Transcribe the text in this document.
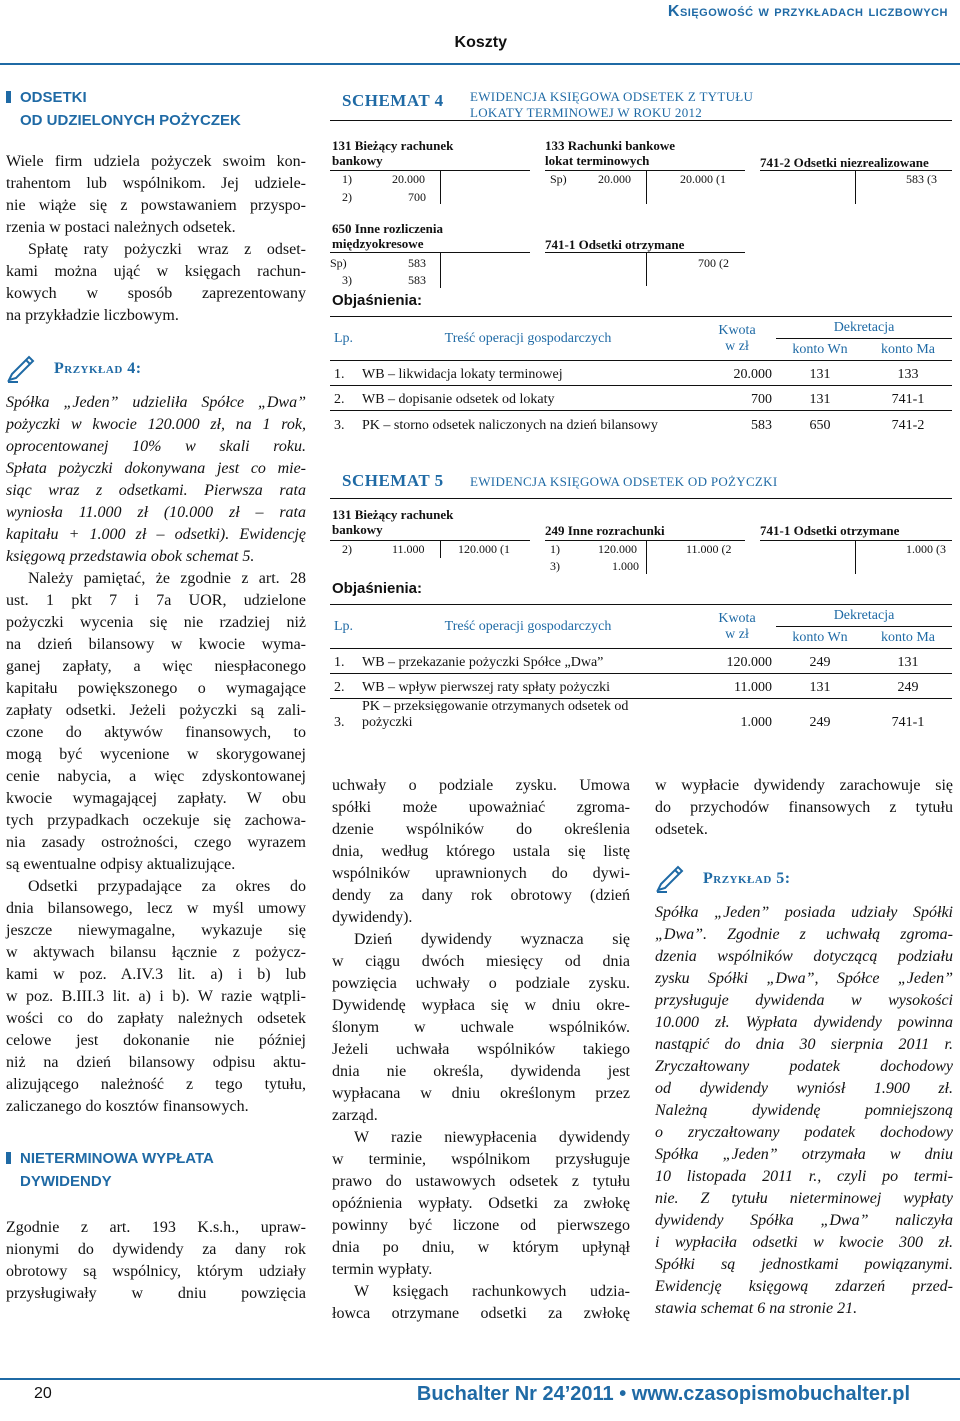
Księgowość w przykładach liczbowych
Koszty
ODSETKI
OD UDZIELONYCH POŻYCZEK
Wiele firm udziela pożyczek swoim kon-
trahentom lub wspólnikom. Jej udziele-
nie wiąże się z powstawaniem przyspo-
rzenia w postaci należnych odsetek.
Spłatę raty pożyczki wraz z odset-
kami można ująć w księgach rachun-
kowych w sposób zaprezentowany
na przykładzie liczbowym.
Przykład 4:
Spółka „Jeden” udzieliła Spółce „Dwa”
pożyczki w kwocie 120.000 zł, na 1 rok,
oprocentowanej 10% w skali roku.
Spłata pożyczki dokonywana jest co mie-
siąc wraz z odsetkami. Pierwsza rata
wyniosła 11.000 zł (10.000 zł – rata
kapitału + 1.000 zł – odsetki). Ewidencję
księgową przedstawia obok schemat 5.
Należy pamiętać, że zgodnie z art. 28
ust. 1 pkt 7 i 7a UOR, udzielone
pożyczki wycenia się nie rzadziej niż
na dzień bilansowy w kwocie wyma-
ganej zapłaty, a więc niespłaconego
kapitału powiększonego o wymagające
zapłaty odsetki. Jeżeli pożyczki są zali-
czone do aktywów finansowych, to
mogą być wycenione w skorygowanej
cenie nabycia, a więc zdyskontowanej
kwocie wymagającej zapłaty. W obu
tych przypadkach oczekuje się zachowa-
nia zasady ostrożności, czego wyrazem
są ewentualne odpisy aktualizujące.
Odsetki przypadające za okres do
dnia bilansowego, lecz w myśl umowy
jeszcze niewymagalne, wykazuje się
w aktywach bilansu łącznie z pożycz-
kami w poz. A.IV.3 lit. a) i b) lub
w poz. B.III.3 lit. a) i b). W razie wątpli-
wości co do zapłaty należnych odsetek
celowe jest dokonanie nie później
niż na dzień bilansowy odpisu aktu-
alizującego należność z tego tytułu,
zaliczanego do kosztów finansowych.
NIETERMINOWA WYPŁATA
DYWIDENDY
Zgodnie z art. 193 K.s.h., upraw-
nionymi do dywidendy za dany rok
obrotowy są wspólnicy, którym udziały
przysługiwały w dniu powzięcia
SCHEMAT 4 EWIDENCJA KSIĘGOWA ODSETEK Z TYTUŁU
LOKATY TERMINOWEJ W ROKU 2012
131 Bieżący rachunek
bankowy
1)	20.000
2)	700
133 Rachunki bankowe
lokat terminowych
Sp)	20.000	20.000 (1
741-2 Odsetki niezrealizowane
583 (3
650 Inne rozliczenia
międzyokresowe
Sp)	583
3)	583
741-1 Odsetki otrzymane
700 (2
Objaśnienia:
Lp.	Treść operacji gospodarczych	Kwota
w zł	Dekretacja	
			konto Wn	konto Ma
1.	WB – likwidacja lokaty terminowej	20.000	131	133
2.	WB – dopisanie odsetek od lokaty	700	131	741-1
3.	PK – storno odsetek naliczonych na dzień bilansowy	583	650	741-2
SCHEMAT 5 EWIDENCJA KSIĘGOWA ODSETEK OD POŻYCZKI
131 Bieżący rachunek
bankowy
2)	11.000	120.000 (1
249 Inne rozrachunki
1)	120.000
3)	1.000
11.000 (2
741-1 Odsetki otrzymane
1.000 (3
Objaśnienia:
Lp.	Treść operacji gospodarczych	Kwota
w zł	Dekretacja	
			konto Wn	konto Ma
1.	WB – przekazanie pożyczki Spółce „Dwa”	120.000	249	131
2.	WB – wpływ pierwszej raty spłaty pożyczki	11.000	131	249
3.	PK – przeksięgowanie otrzymanych odsetek od
pożyczki	1.000	249	741-1
uchwały o podziale zysku. Umowa
spółki może upoważniać zgroma-
dzenie wspólników do określenia
dnia, według którego ustala się listę
wspólników uprawnionych do dywi-
dendy za dany rok obrotowy (dzień
dywidendy).
Dzień dywidendy wyznacza się
w ciągu dwóch miesięcy od dnia
powzięcia uchwały o podziale zysku.
Dywidendę wypłaca się w dniu okre-
ślonym w uchwale wspólników.
Jeżeli uchwała wspólników takiego
dnia nie określa, dywidenda jest
wypłacana w dniu określonym przez
zarząd.
W razie niewypłacenia dywidendy
w terminie, wspólnikom przysługuje
prawo do ustawowych odsetek z tytułu
opóźnienia wypłaty. Odsetki za zwłokę
powinny być liczone od pierwszego
dnia po dniu, w którym upłynął
termin wypłaty.
W księgach rachunkowych udzia-
łowca otrzymane odsetki za zwłokę
w wypłacie dywidendy zarachowuje się
do przychodów finansowych z tytułu
odsetek.
Przykład 5:
Spółka „Jeden” posiada udziały Spółki
„Dwa”. Zgodnie z uchwałą zgroma-
dzenia wspólników dotyczącą podziału
zysku Spółki „Dwa”, Spółce „Jeden”
przysługuje dywidenda w wysokości
10.000 zł. Wypłata dywidendy powinna
nastąpić do dnia 30 sierpnia 2011 r.
Zryczałtowany podatek dochodowy
od dywidendy wyniósł 1.900 zł.
Należną dywidendę pomniejszoną
o zryczałtowany podatek dochodowy
Spółka „Jeden” otrzymała w dniu
10 listopada 2011 r., czyli po termi-
nie. Z tytułu nieterminowej wypłaty
dywidendy Spółka „Dwa” naliczyła
i wypłaciła odsetki w kwocie 300 zł.
Spółki są jednostkami powiązanymi.
Ewidencję księgową zdarzeń przed-
stawia schemat 6 na stronie 21.
20	Buchalter Nr 24’2011 • www.czasopismobuchalter.pl
